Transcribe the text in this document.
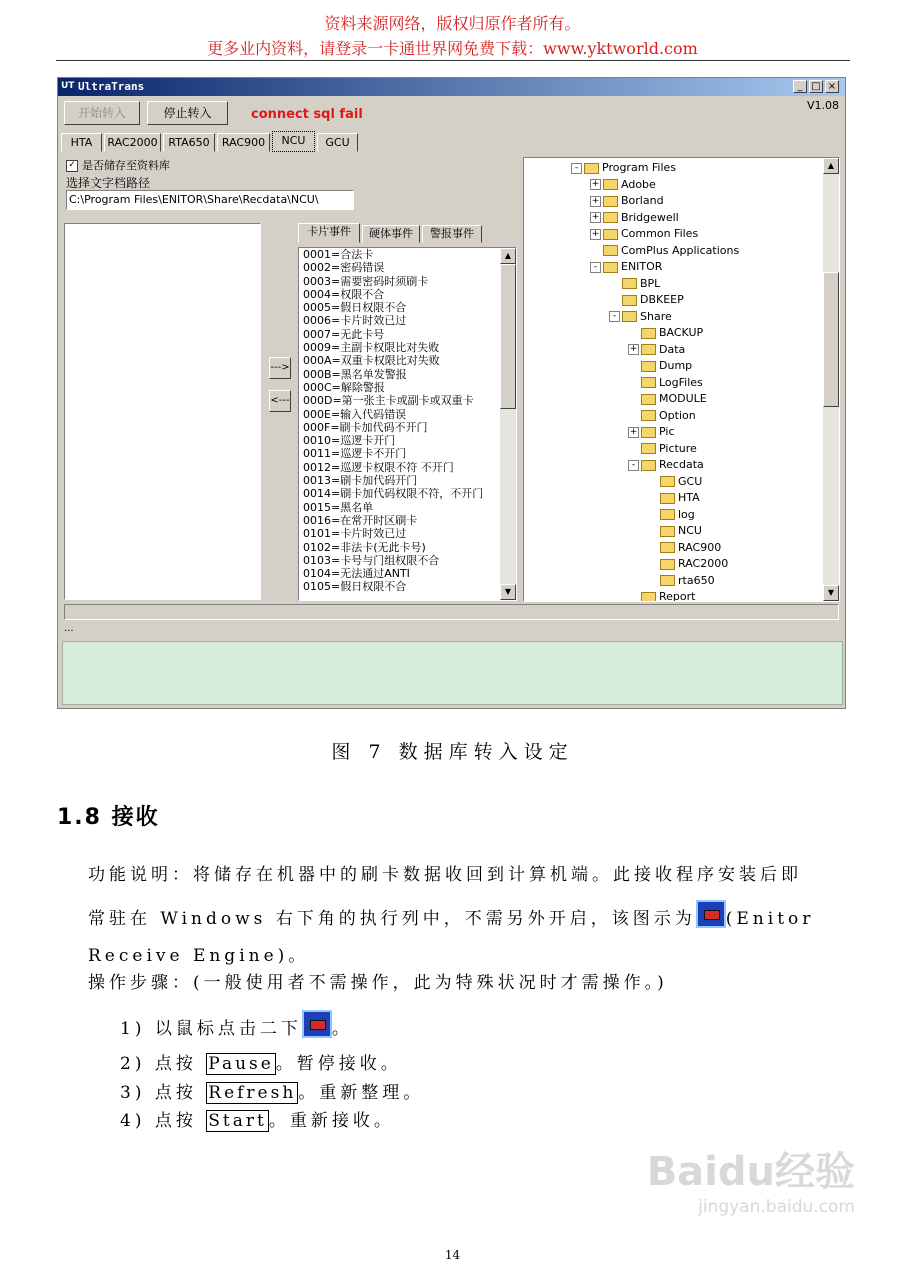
资料来源网络，版权归原作者所有。
更多业内资料，请登录一卡通世界网免费下载：www.yktworld.com
UT UltraTrans	_ □ ×
开始转入	停止转入	connect sql fail
V1.08
HTA	RAC2000 RTA650	RAC900	NCU	GCU
✓ 是否储存至资料库
选择文字档路径
C:\Program Files\ENITOR\Share\Recdata\NCU\
--->
<---
卡片事件	硬体事件	警报事件
0001=合法卡
0002=密码错误
0003=需要密码时须刷卡
0004=权限不合
0005=假日权限不合
0006=卡片时效已过
0007=无此卡号
0009=主副卡权限比对失败
000A=双重卡权限比对失败
000B=黑名单发警报
000C=解除警报
000D=第一张主卡或副卡或双重卡
000E=输入代码错误
000F=刷卡加代码不开门
0010=巡逻卡开门
0011=巡逻卡不开门
0012=巡逻卡权限不符 不开门
0013=刷卡加代码开门
0014=刷卡加代码权限不符，不开门
0015=黑名单
0016=在常开时区刷卡
0101=卡片时效已过
0102=非法卡(无此卡号)
0103=卡号与门组权限不合
0104=无法通过ANTI
0105=假日权限不合
▲
▼
- Program Files
+ Adobe
+ Borland
+ Bridgewell
+ Common Files
ComPlus Applications
- ENITOR
BPL
DBKEEP
- Share
BACKUP
+ Data
Dump
LogFiles
MODULE
Option
+ Pic
Picture
- Recdata
GCU
HTA
log
NCU
RAC900
RAC2000
rta650
Report
▲
▼
...
图 7 数据库转入设定
1.8 接收
功能说明：将储存在机器中的刷卡数据收回到计算机端。此接收程序安装后即
常驻在 Windows 右下角的执行列中，不需另外开启，该图示为 (Enitor
Receive Engine)。
操作步骤：(一般使用者不需操作，此为特殊状况时才需操作。)
1) 以鼠标点击二下 。
2) 点按 Pause 。暂停接收。
3) 点按 Refresh 。重新整理。
4) 点按 Start 。重新接收。
Baidu经验
jingyan.baidu.com
14
